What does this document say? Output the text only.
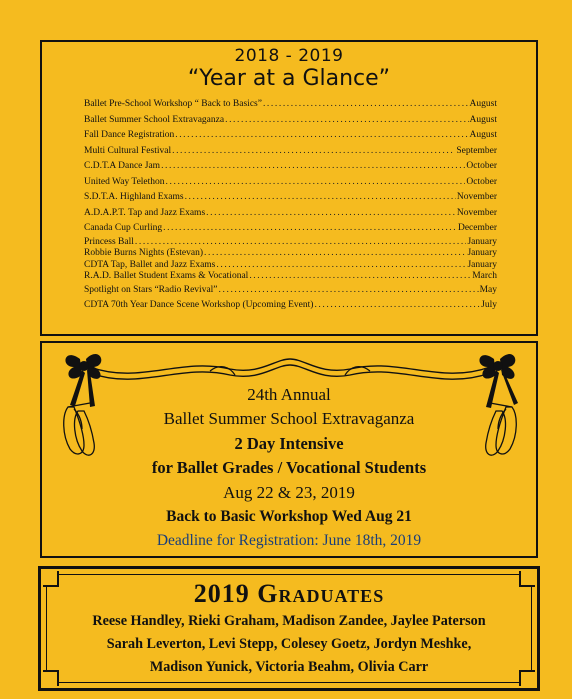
2018 - 2019
“Year at a Glance”
Ballet Pre-School Workshop “ Back to Basics” .....	August
Ballet Summer School Extravaganza .....	August
Fall Dance Registration .....	August
Multi Cultural Festival .....	September
C.D.T.A Dance Jam .....	October
United Way Telethon .....	October
S.D.T.A. Highland Exams .....	November
A.D.A.P.T. Tap and Jazz Exams .....	November
Canada Cup Curling .....	December
Princess Ball .....	January
Robbie Burns Nights (Estevan) .....	January
CDTA Tap, Ballet and Jazz Exams .....	January
R.A.D. Ballet Student Exams & Vocational .....	March
Spotlight on Stars “Radio Revival” .....	May
CDTA 70th Year Dance Scene Workshop (Upcoming Event) .....	July
24th Annual
Ballet Summer School Extravaganza
2 Day Intensive
for Ballet Grades / Vocational Students
Aug 22 & 23, 2019
Back to Basic Workshop Wed Aug 21
Deadline for Registration: June 18th, 2019
2019 Graduates
Reese Handley, Rieki Graham, Madison Zandee, Jaylee Paterson
Sarah Leverton, Levi Stepp, Colesey Goetz, Jordyn Meshke,
Madison Yunick, Victoria Beahm, Olivia Carr
